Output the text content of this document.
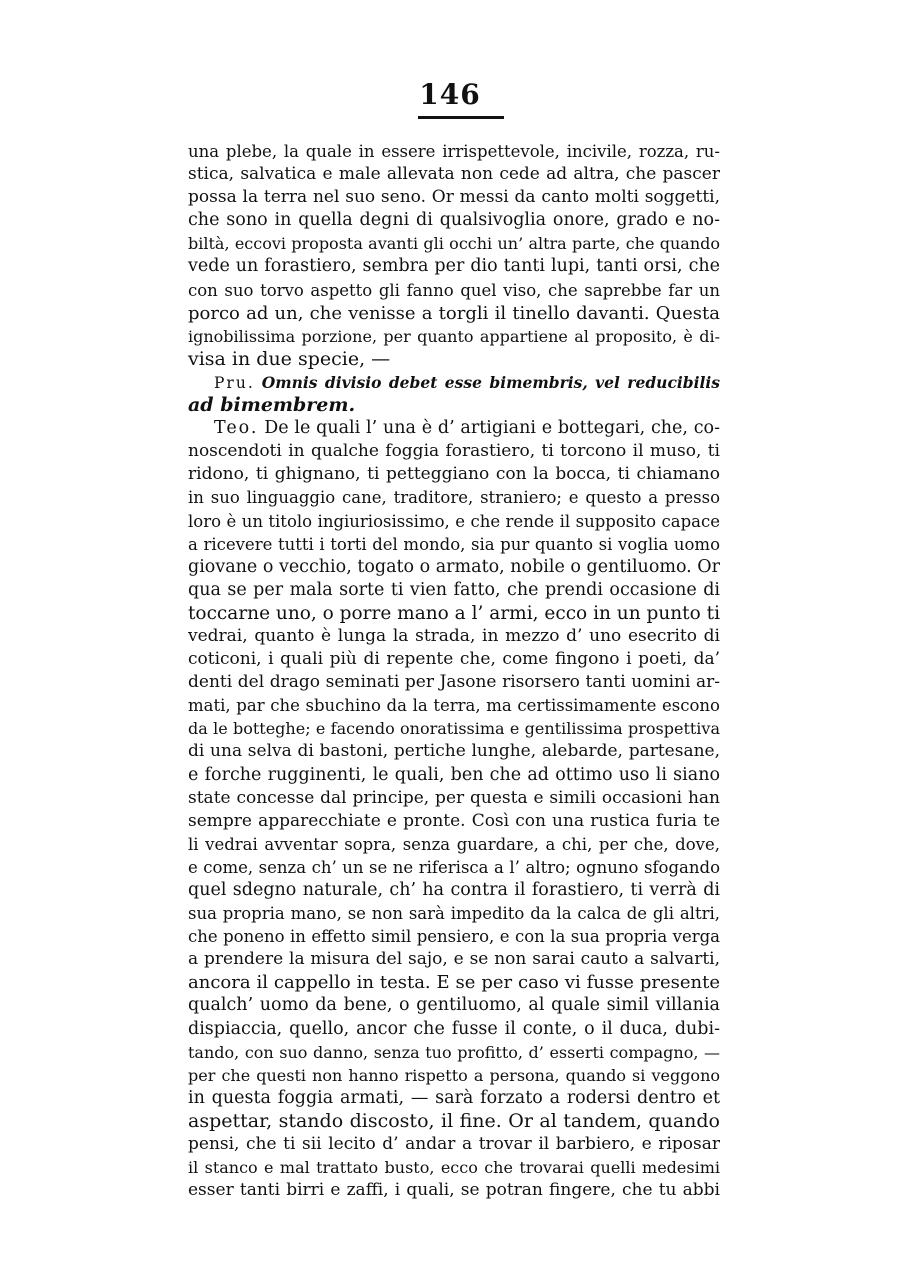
146
una plebe, la quale in essere irrispettevole, incivile, rozza, ru-
stica, salvatica e male allevata non cede ad altra, che pascer
possa la terra nel suo seno. Or messi da canto molti soggetti,
che sono in quella degni di qualsivoglia onore, grado e no-
biltà, eccovi proposta avanti gli occhi un’ altra parte, che quando
vede un forastiero, sembra per dio tanti lupi, tanti orsi, che
con suo torvo aspetto gli fanno quel viso, che saprebbe far un
porco ad un, che venisse a torgli il tinello davanti. Questa
ignobilissima porzione, per quanto appartiene al proposito, è di-
visa in due specie, —
Pru. Omnis divisio debet esse bimembris, vel reducibilis
ad bimembrem.
Teo. De le quali l’ una è d’ artigiani e bottegari, che, co-
noscendoti in qualche foggia forastiero, ti torcono il muso, ti
ridono, ti ghignano, ti petteggiano con la bocca, ti chiamano
in suo linguaggio cane, traditore, straniero; e questo a presso
loro è un titolo ingiuriosissimo, e che rende il supposito capace
a ricevere tutti i torti del mondo, sia pur quanto si voglia uomo
giovane o vecchio, togato o armato, nobile o gentiluomo. Or
qua se per mala sorte ti vien fatto, che prendi occasione di
toccarne uno, o porre mano a l’ armi, ecco in un punto ti
vedrai, quanto è lunga la strada, in mezzo d’ uno esecrito di
coticoni, i quali più di repente che, come fingono i poeti, da’
denti del drago seminati per Jasone risorsero tanti uomini ar-
mati, par che sbuchino da la terra, ma certissimamente escono
da le botteghe; e facendo onoratissima e gentilissima prospettiva
di una selva di bastoni, pertiche lunghe, alebarde, partesane,
e forche rugginenti, le quali, ben che ad ottimo uso li siano
state concesse dal principe, per questa e simili occasioni han
sempre apparecchiate e pronte. Così con una rustica furia te
li vedrai avventar sopra, senza guardare, a chi, per che, dove,
e come, senza ch’ un se ne riferisca a l’ altro; ognuno sfogando
quel sdegno naturale, ch’ ha contra il forastiero, ti verrà di
sua propria mano, se non sarà impedito da la calca de gli altri,
che poneno in effetto simil pensiero, e con la sua propria verga
a prendere la misura del sajo, e se non sarai cauto a salvarti,
ancora il cappello in testa. E se per caso vi fusse presente
qualch’ uomo da bene, o gentiluomo, al quale simil villania
dispiaccia, quello, ancor che fusse il conte, o il duca, dubi-
tando, con suo danno, senza tuo profitto, d’ esserti compagno, —
per che questi non hanno rispetto a persona, quando si veggono
in questa foggia armati, — sarà forzato a rodersi dentro et
aspettar, stando discosto, il fine. Or al tandem, quando
pensi, che ti sii lecito d’ andar a trovar il barbiero, e riposar
il stanco e mal trattato busto, ecco che trovarai quelli medesimi
esser tanti birri e zaffi, i quali, se potran fingere, che tu abbi
